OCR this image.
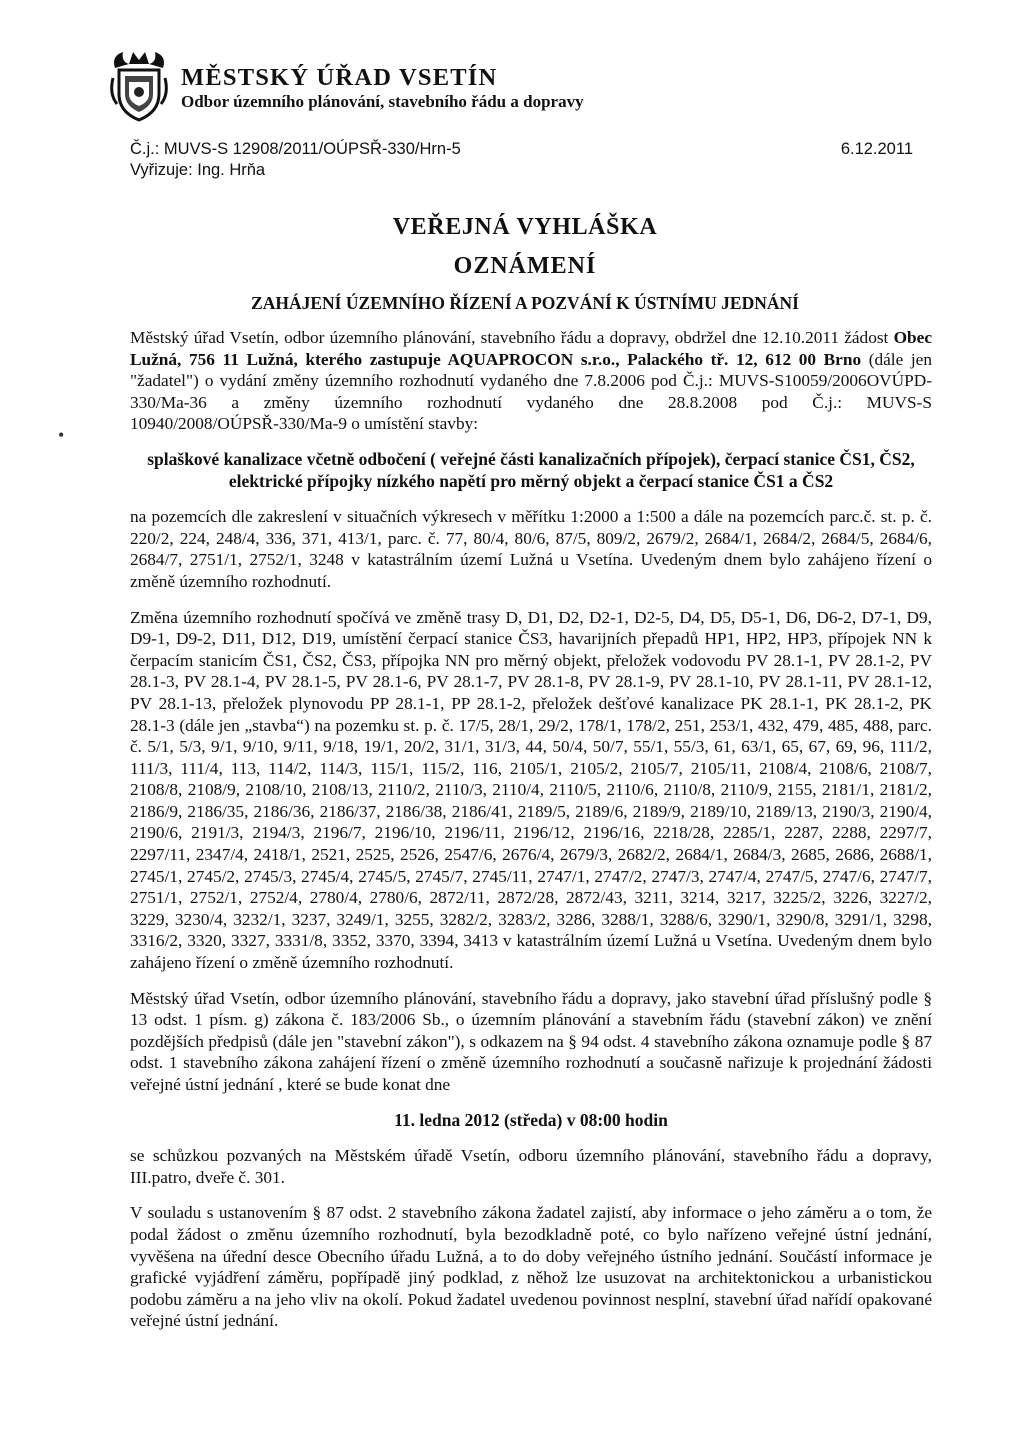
MĚSTSKÝ ÚŘAD VSETÍN
Odbor územního plánování, stavebního řádu a dopravy
Č.j.: MUVS-S 12908/2011/OÚPSŘ-330/Hrn-5
Vyřizuje: Ing. Hrňa
6.12.2011
VEŘEJNÁ VYHLÁŠKA
OZNÁMENÍ
ZAHÁJENÍ ÚZEMNÍHO ŘÍZENÍ A POZVÁNÍ K ÚSTNÍMU JEDNÁNÍ

Městský úřad Vsetín, odbor územního plánování, stavebního řádu a dopravy, obdržel dne 12.10.2011 žádost Obec Lužná, 756 11 Lužná, kterého zastupuje AQUAPROCON s.r.o., Palackého tř. 12, 612 00 Brno (dále jen "žadatel") o vydání změny územního rozhodnutí vydaného dne 7.8.2006 pod Č.j.: MUVS-S10059/2006OVÚPD-330/Ma-36 a změny územního rozhodnutí vydaného dne 28.8.2008 pod Č.j.: MUVS-S 10940/2008/OÚPSŘ-330/Ma-9 o umístění stavby:

splaškové kanalizace včetně odbočení ( veřejné části kanalizačních přípojek), čerpací stanice ČS1, ČS2, elektrické přípojky nízkého napětí pro měrný objekt a čerpací stanice ČS1 a ČS2

na pozemcích dle zakreslení v situačních výkresech v měřítku 1:2000 a 1:500 a dále na pozemcích parc.č. st. p. č. 220/2, 224, 248/4, 336, 371, 413/1, parc. č. 77, 80/4, 80/6, 87/5, 809/2, 2679/2, 2684/1, 2684/2, 2684/5, 2684/6, 2684/7, 2751/1, 2752/1, 3248 v katastrálním území Lužná u Vsetína. Uvedeným dnem bylo zahájeno řízení o změně územního rozhodnutí.

Změna územního rozhodnutí spočívá ve změně trasy D, D1, D2, D2-1, D2-5, D4, D5, D5-1, D6, D6-2, D7-1, D9, D9-1, D9-2, D11, D12, D19, umístění čerpací stanice ČS3, havarijních přepadů HP1, HP2, HP3, přípojek NN k čerpacím stanicím ČS1, ČS2, ČS3, přípojka NN pro měrný objekt, přeložek vodovodu PV 28.1-1, PV 28.1-2, PV 28.1-3, PV 28.1-4, PV 28.1-5, PV 28.1-6, PV 28.1-7, PV 28.1-8, PV 28.1-9, PV 28.1-10, PV 28.1-11, PV 28.1-12, PV 28.1-13, přeložek plynovodu PP 28.1-1, PP 28.1-2, přeložek dešťové kanalizace PK 28.1-1, PK 28.1-2, PK 28.1-3 (dále jen „stavba“) na pozemku st. p. č. 17/5, 28/1, 29/2, 178/1, 178/2, 251, 253/1, 432, 479, 485, 488, parc. č. 5/1, 5/3, 9/1, 9/10, 9/11, 9/18, 19/1, 20/2, 31/1, 31/3, 44, 50/4, 50/7, 55/1, 55/3, 61, 63/1, 65, 67, 69, 96, 111/2, 111/3, 111/4, 113, 114/2, 114/3, 115/1, 115/2, 116, 2105/1, 2105/2, 2105/7, 2105/11, 2108/4, 2108/6, 2108/7, 2108/8, 2108/9, 2108/10, 2108/13, 2110/2, 2110/3, 2110/4, 2110/5, 2110/6, 2110/8, 2110/9, 2155, 2181/1, 2181/2, 2186/9, 2186/35, 2186/36, 2186/37, 2186/38, 2186/41, 2189/5, 2189/6, 2189/9, 2189/10, 2189/13, 2190/3, 2190/4, 2190/6, 2191/3, 2194/3, 2196/7, 2196/10, 2196/11, 2196/12, 2196/16, 2218/28, 2285/1, 2287, 2288, 2297/7, 2297/11, 2347/4, 2418/1, 2521, 2525, 2526, 2547/6, 2676/4, 2679/3, 2682/2, 2684/1, 2684/3, 2685, 2686, 2688/1, 2745/1, 2745/2, 2745/3, 2745/4, 2745/5, 2745/7, 2745/11, 2747/1, 2747/2, 2747/3, 2747/4, 2747/5, 2747/6, 2747/7, 2751/1, 2752/1, 2752/4, 2780/4, 2780/6, 2872/11, 2872/28, 2872/43, 3211, 3214, 3217, 3225/2, 3226, 3227/2, 3229, 3230/4, 3232/1, 3237, 3249/1, 3255, 3282/2, 3283/2, 3286, 3288/1, 3288/6, 3290/1, 3290/8, 3291/1, 3298, 3316/2, 3320, 3327, 3331/8, 3352, 3370, 3394, 3413 v katastrálním území Lužná u Vsetína. Uvedeným dnem bylo zahájeno řízení o změně územního rozhodnutí.

Městský úřad Vsetín, odbor územního plánování, stavebního řádu a dopravy, jako stavební úřad příslušný podle § 13 odst. 1 písm. g) zákona č. 183/2006 Sb., o územním plánování a stavebním řádu (stavební zákon) ve znění pozdějších předpisů (dále jen "stavební zákon"), s odkazem na § 94 odst. 4 stavebního zákona oznamuje podle § 87 odst. 1 stavebního zákona zahájení řízení o změně územního rozhodnutí a současně nařizuje k projednání žádosti veřejné ústní jednání , které se bude konat dne

11. ledna 2012 (středa) v 08:00 hodin

se schůzkou pozvaných na Městském úřadě Vsetín, odboru územního plánování, stavebního řádu a dopravy, III.patro, dveře č. 301.

V souladu s ustanovením § 87 odst. 2 stavebního zákona žadatel zajistí, aby informace o jeho záměru a o tom, že podal žádost o změnu územního rozhodnutí, byla bezodkladně poté, co bylo nařízeno veřejné ústní jednání, vyvěšena na úřední desce Obecního úřadu Lužná, a to do doby veřejného ústního jednání. Součástí informace je grafické vyjádření záměru, popřípadě jiný podklad, z něhož lze usuzovat na architektonickou a urbanistickou podobu záměru a na jeho vliv na okolí. Pokud žadatel uvedenou povinnost nesplní, stavební úřad nařídí opakované veřejné ústní jednání.

•
